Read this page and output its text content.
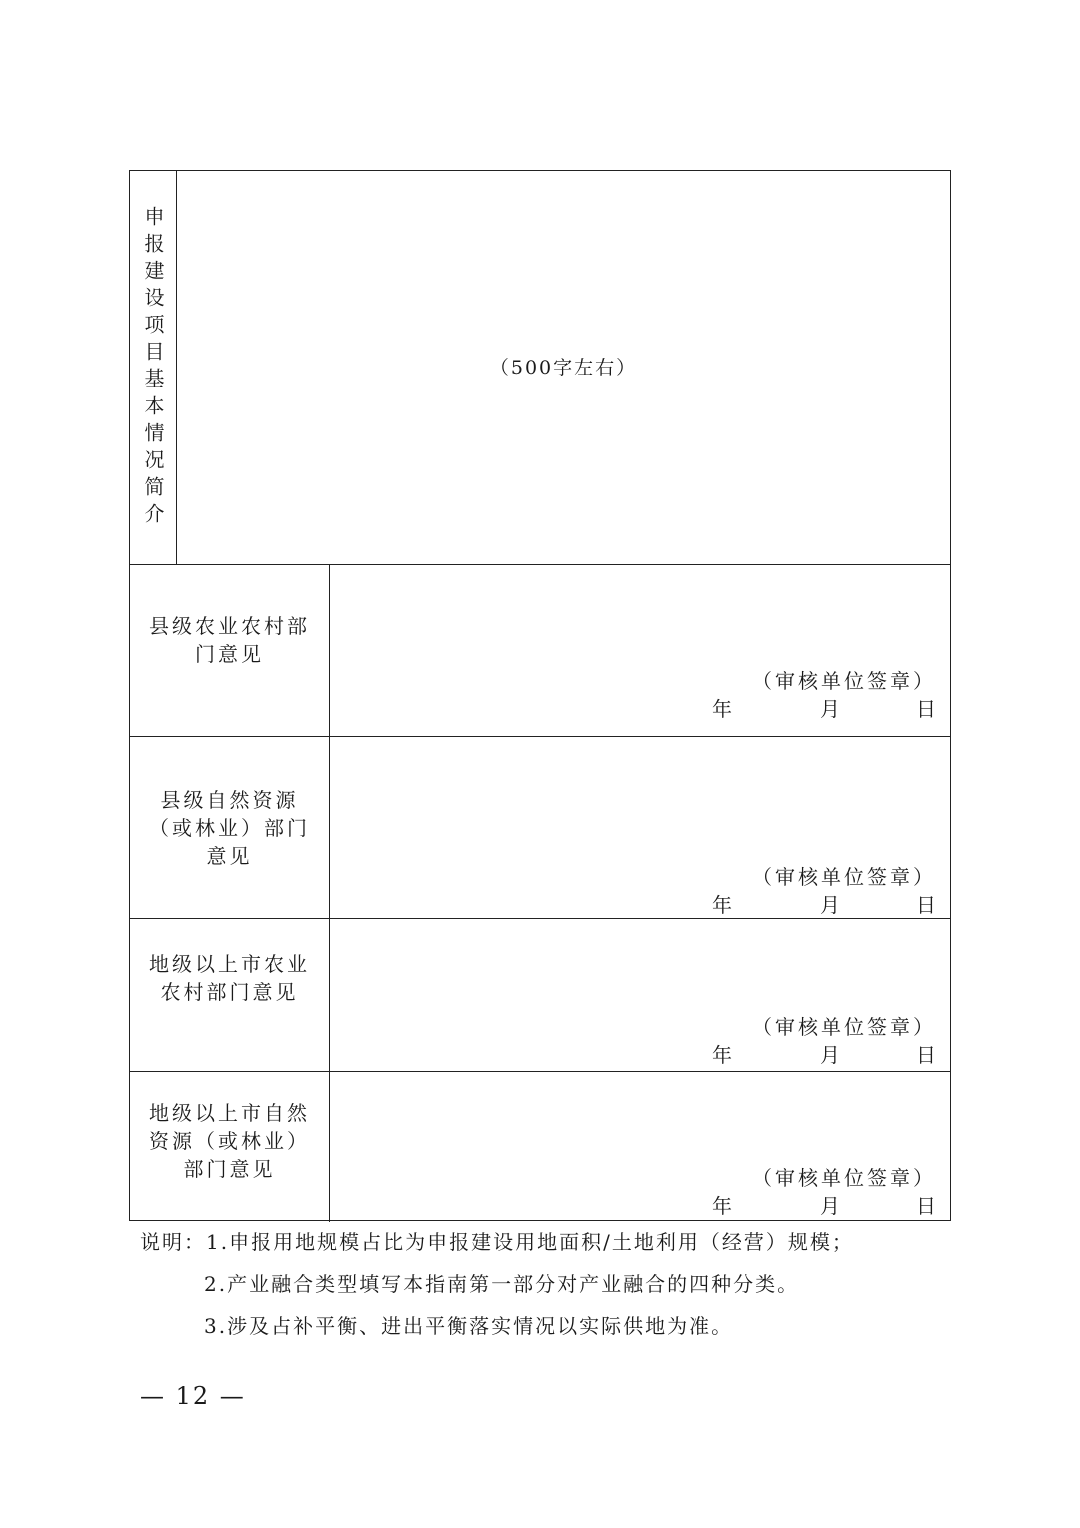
申报建设项目基本情况简介	（500字左右）
县级农业农村部门意见
（审核单位签章）
年	月	日
县级自然资源（或林业）部门意见
（审核单位签章）
年	月	日
地级以上市农业农村部门意见
（审核单位签章）
年	月	日
地级以上市自然资源（或林业）部门意见	（审核单位签章）
年	月	日
说明：1.申报用地规模占比为申报建设用地面积/土地利用（经营）规模；
2.产业融合类型填写本指南第一部分对产业融合的四种分类。
3.涉及占补平衡、进出平衡落实情况以实际供地为准。
— 12 —
